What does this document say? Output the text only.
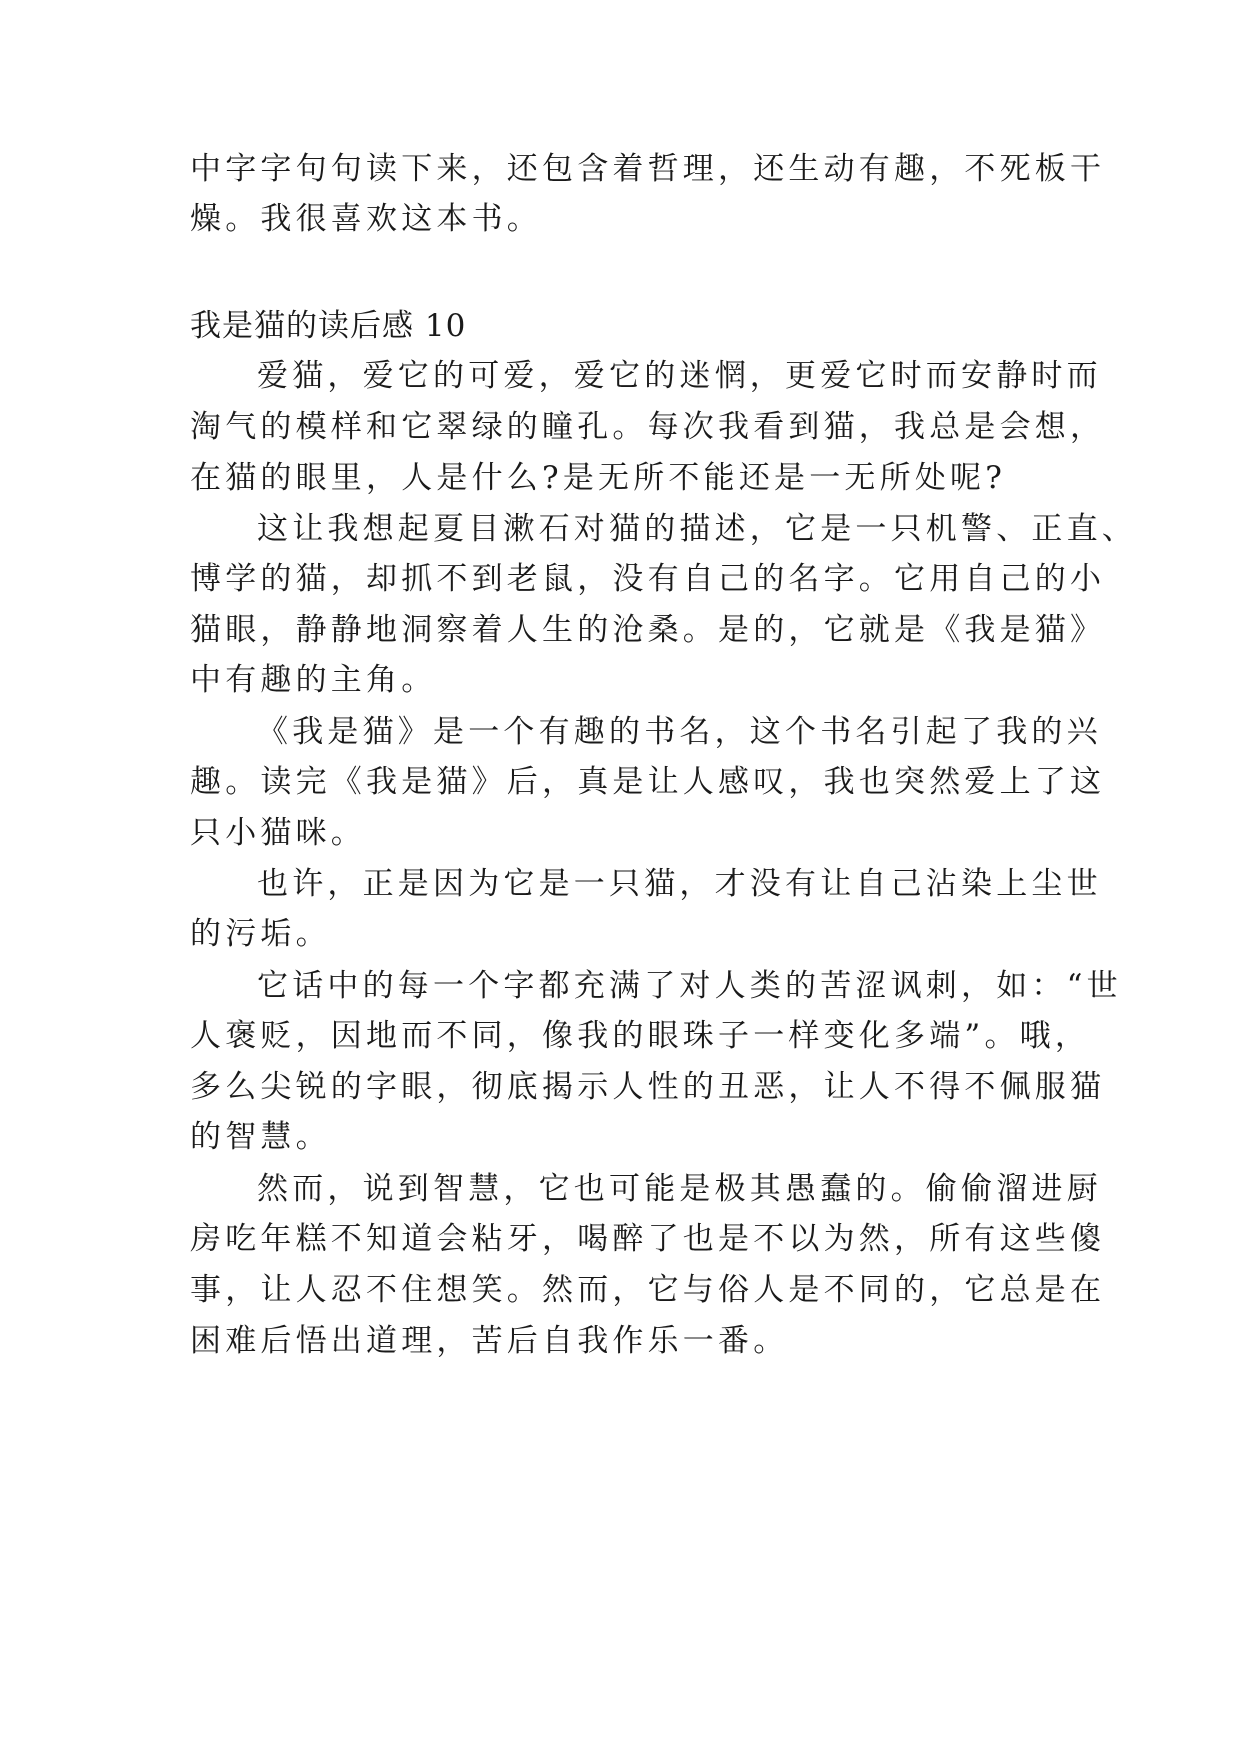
中字字句句读下来，还包含着哲理，还生动有趣，不死板干
燥。我很喜欢这本书。
我是猫的读后感 10
爱猫，爱它的可爱，爱它的迷惘，更爱它时而安静时而
淘气的模样和它翠绿的瞳孔。每次我看到猫，我总是会想，
在猫的眼里，人是什么?是无所不能还是一无所处呢?
这让我想起夏目漱石对猫的描述，它是一只机警、正直、
博学的猫，却抓不到老鼠，没有自己的名字。它用自己的小
猫眼，静静地洞察着人生的沧桑。是的，它就是《我是猫》
中有趣的主角。
《我是猫》是一个有趣的书名，这个书名引起了我的兴
趣。读完《我是猫》后，真是让人感叹，我也突然爱上了这
只小猫咪。
也许，正是因为它是一只猫，才没有让自己沾染上尘世
的污垢。
它话中的每一个字都充满了对人类的苦涩讽刺，如：“世
人褒贬，因地而不同，像我的眼珠子一样变化多端”。哦，
多么尖锐的字眼，彻底揭示人性的丑恶，让人不得不佩服猫
的智慧。
然而，说到智慧，它也可能是极其愚蠢的。偷偷溜进厨
房吃年糕不知道会粘牙，喝醉了也是不以为然，所有这些傻
事，让人忍不住想笑。然而，它与俗人是不同的，它总是在
困难后悟出道理，苦后自我作乐一番。
